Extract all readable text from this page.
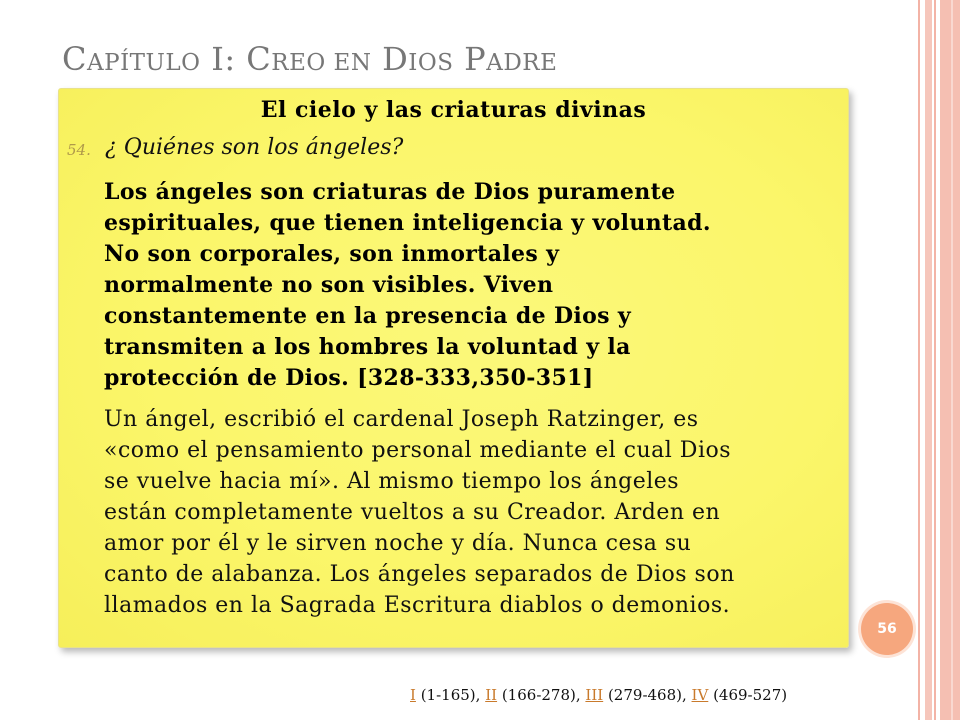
CAPÍTULO I: CREO EN DIOS PADRE
El cielo y las criaturas divinas
54. ¿ Quiénes son los ángeles?
Los ángeles son criaturas de Dios puramente
espirituales, que tienen inteligencia y voluntad.
No son corporales, son inmortales y
normalmente no son visibles. Viven
constantemente en la presencia de Dios y
transmiten a los hombres la voluntad y la
protección de Dios. [328-333,350-351]
Un ángel, escribió el cardenal Joseph Ratzinger, es
«como el pensamiento personal mediante el cual Dios
se vuelve hacia mí». Al mismo tiempo los ángeles
están completamente vueltos a su Creador. Arden en
amor por él y le sirven noche y día. Nunca cesa su
canto de alabanza. Los ángeles separados de Dios son
llamados en la Sagrada Escritura diablos o demonios.
56
I (1-165), II (166-278), III (279-468), IV (469-527)
